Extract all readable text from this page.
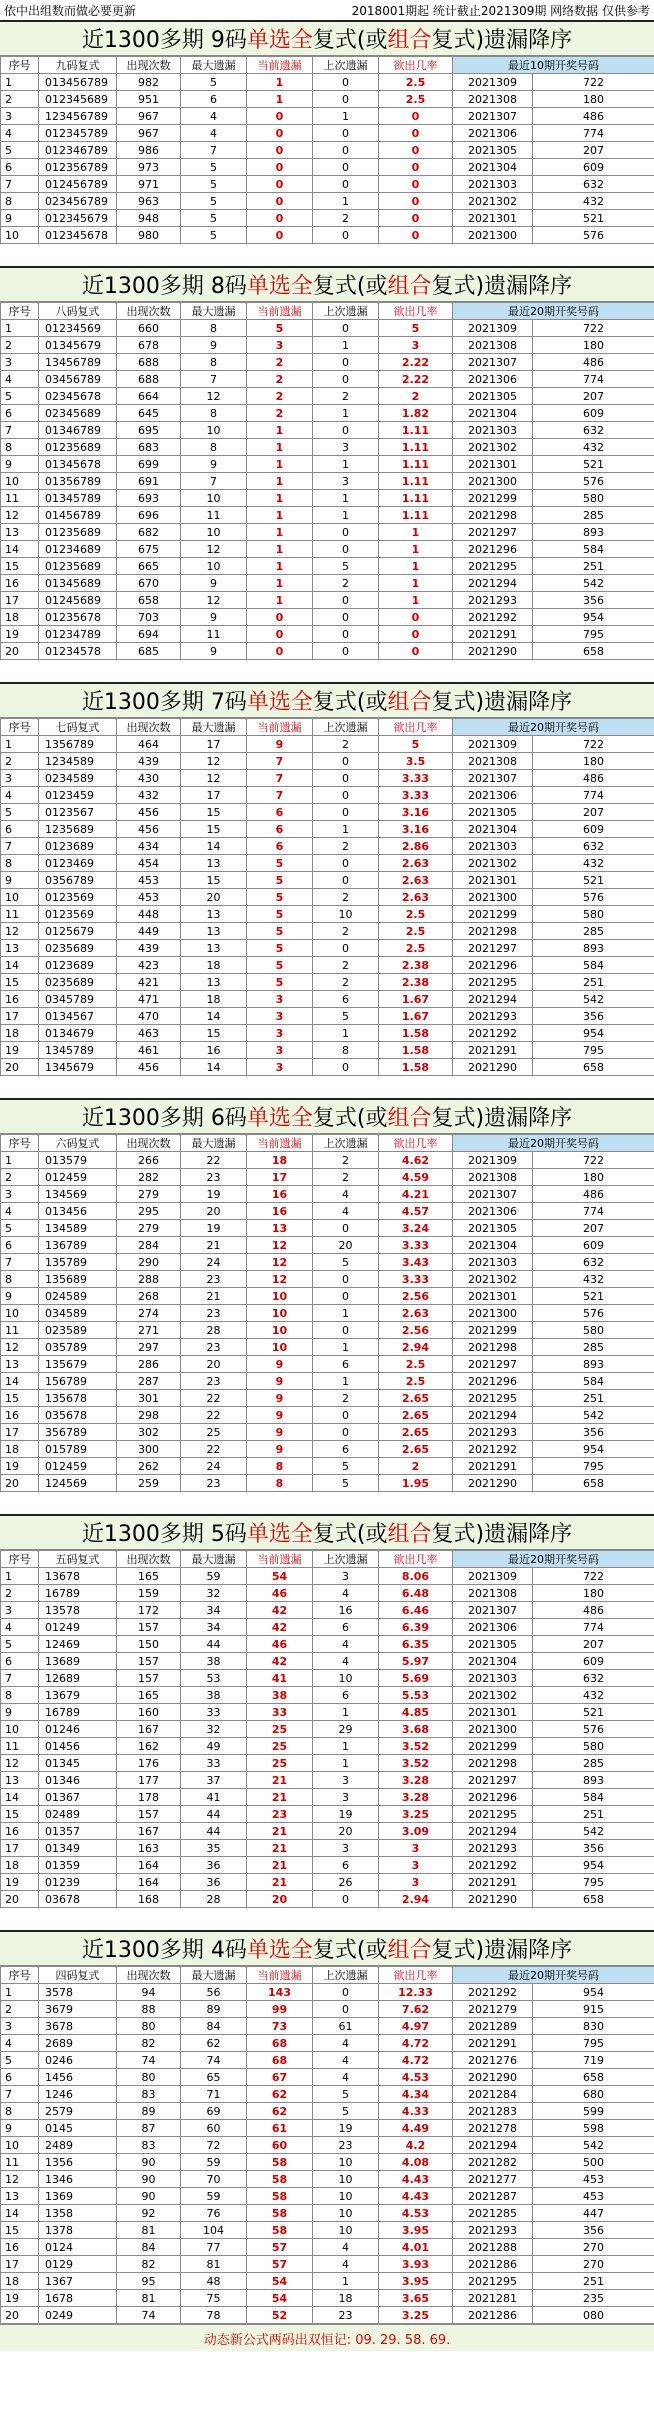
依中出组数而做必要更新	2018001期起 统计截止2021309期 网络数据 仅供参考
近1300多期 9码 单选 全 复式(或 组合 复式)遗漏降序
序号	九码复式	出现次数	最大遗漏	当前遗漏	上次遗漏	欲出几率	最近10期开奖号码	
1	013456789	982	5	1	0	2.5	2021309	722
2	012345689	951	6	1	0	2.5	2021308	180
3	123456789	967	4	0	1	0	2021307	486
4	012345789	967	4	0	0	0	2021306	774
5	012346789	986	7	0	0	0	2021305	207
6	012356789	973	5	0	0	0	2021304	609
7	012456789	971	5	0	0	0	2021303	632
8	023456789	963	5	0	1	0	2021302	432
9	012345679	948	5	0	2	0	2021301	521
10	012345678	980	5	0	0	0	2021300	576
近1300多期 8码 单选 全 复式(或 组合 复式)遗漏降序
序号	八码复式	出现次数	最大遗漏	当前遗漏	上次遗漏	欲出几率	最近20期开奖号码	
1	01234569	660	8	5	0	5	2021309	722
2	01345679	678	9	3	1	3	2021308	180
3	13456789	688	8	2	0	2.22	2021307	486
4	03456789	688	7	2	0	2.22	2021306	774
5	02345678	664	12	2	2	2	2021305	207
6	02345689	645	8	2	1	1.82	2021304	609
7	01346789	695	10	1	0	1.11	2021303	632
8	01235689	683	8	1	3	1.11	2021302	432
9	01345678	699	9	1	1	1.11	2021301	521
10	01356789	691	7	1	3	1.11	2021300	576
11	01345789	693	10	1	1	1.11	2021299	580
12	01456789	696	11	1	1	1.11	2021298	285
13	01235689	682	10	1	0	1	2021297	893
14	01234689	675	12	1	0	1	2021296	584
15	01235689	665	10	1	5	1	2021295	251
16	01345689	670	9	1	2	1	2021294	542
17	01245689	658	12	1	0	1	2021293	356
18	01235678	703	9	0	0	0	2021292	954
19	01234789	694	11	0	0	0	2021291	795
20	01234578	685	9	0	0	0	2021290	658
近1300多期 7码 单选 全 复式(或 组合 复式)遗漏降序
序号	七码复式	出现次数	最大遗漏	当前遗漏	上次遗漏	欲出几率	最近20期开奖号码	
1	1356789	464	17	9	2	5	2021309	722
2	1234589	439	12	7	0	3.5	2021308	180
3	0234589	430	12	7	0	3.33	2021307	486
4	0123459	432	17	7	0	3.33	2021306	774
5	0123567	456	15	6	0	3.16	2021305	207
6	1235689	456	15	6	1	3.16	2021304	609
7	0123689	434	14	6	2	2.86	2021303	632
8	0123469	454	13	5	0	2.63	2021302	432
9	0356789	453	15	5	0	2.63	2021301	521
10	0123569	453	20	5	2	2.63	2021300	576
11	0123569	448	13	5	10	2.5	2021299	580
12	0125679	449	13	5	2	2.5	2021298	285
13	0235689	439	13	5	0	2.5	2021297	893
14	0123689	423	18	5	2	2.38	2021296	584
15	0235689	421	13	5	2	2.38	2021295	251
16	0345789	471	18	3	6	1.67	2021294	542
17	0134567	470	14	3	5	1.67	2021293	356
18	0134679	463	15	3	1	1.58	2021292	954
19	1345789	461	16	3	8	1.58	2021291	795
20	1345679	456	14	3	0	1.58	2021290	658
近1300多期 6码 单选 全 复式(或 组合 复式)遗漏降序
序号	六码复式	出现次数	最大遗漏	当前遗漏	上次遗漏	欲出几率	最近20期开奖号码	
1	013579	266	22	18	2	4.62	2021309	722
2	012459	282	23	17	2	4.59	2021308	180
3	134569	279	19	16	4	4.21	2021307	486
4	013456	295	20	16	4	4.57	2021306	774
5	134589	279	19	13	0	3.24	2021305	207
6	136789	284	21	12	20	3.33	2021304	609
7	135789	290	24	12	5	3.43	2021303	632
8	135689	288	23	12	0	3.33	2021302	432
9	024589	268	21	10	0	2.56	2021301	521
10	034589	274	23	10	1	2.63	2021300	576
11	023589	271	28	10	0	2.56	2021299	580
12	035789	297	23	10	1	2.94	2021298	285
13	135679	286	20	9	6	2.5	2021297	893
14	156789	287	23	9	1	2.5	2021296	584
15	135678	301	22	9	2	2.65	2021295	251
16	035678	298	22	9	0	2.65	2021294	542
17	356789	302	25	9	0	2.65	2021293	356
18	015789	300	22	9	6	2.65	2021292	954
19	012459	262	24	8	5	2	2021291	795
20	124569	259	23	8	5	1.95	2021290	658
近1300多期 5码 单选 全 复式(或 组合 复式)遗漏降序
序号	五码复式	出现次数	最大遗漏	当前遗漏	上次遗漏	欲出几率	最近20期开奖号码	
1	13678	165	59	54	3	8.06	2021309	722
2	16789	159	32	46	4	6.48	2021308	180
3	13578	172	34	42	16	6.46	2021307	486
4	01249	157	34	42	6	6.39	2021306	774
5	12469	150	44	46	4	6.35	2021305	207
6	13689	157	38	42	4	5.97	2021304	609
7	12689	157	53	41	10	5.69	2021303	632
8	13679	165	38	38	6	5.53	2021302	432
9	16789	160	33	33	1	4.85	2021301	521
10	01246	167	32	25	29	3.68	2021300	576
11	01456	162	49	25	1	3.52	2021299	580
12	01345	176	33	25	1	3.52	2021298	285
13	01346	177	37	21	3	3.28	2021297	893
14	01367	178	41	21	3	3.28	2021296	584
15	02489	157	44	23	19	3.25	2021295	251
16	01357	167	44	21	20	3.09	2021294	542
17	01349	163	35	21	3	3	2021293	356
18	01359	164	36	21	6	3	2021292	954
19	01239	164	36	21	26	3	2021291	795
20	03678	168	28	20	0	2.94	2021290	658
近1300多期 4码 单选 全 复式(或 组合 复式)遗漏降序
序号	四码复式	出现次数	最大遗漏	当前遗漏	上次遗漏	欲出几率	最近20期开奖号码	
1	3578	94	56	143	0	12.33	2021292	954
2	3679	88	89	99	0	7.62	2021279	915
3	3678	80	84	73	61	4.97	2021289	830
4	2689	82	62	68	4	4.72	2021291	795
5	0246	74	74	68	4	4.72	2021276	719
6	1456	80	65	67	4	4.53	2021290	658
7	1246	83	71	62	5	4.34	2021284	680
8	2579	89	69	62	5	4.33	2021283	599
9	0145	87	60	61	19	4.49	2021278	598
10	2489	83	72	60	23	4.2	2021294	542
11	1356	90	59	58	10	4.08	2021282	500
12	1346	90	70	58	10	4.43	2021277	453
13	1369	90	59	58	10	4.43	2021287	453
14	1358	92	76	58	10	4.53	2021285	447
15	1378	81	104	58	10	3.95	2021293	356
16	0124	84	77	57	4	4.01	2021288	270
17	0129	82	81	57	4	3.93	2021286	270
18	1367	95	48	54	1	3.95	2021295	251
19	1678	81	75	54	18	3.65	2021281	235
20	0249	74	78	52	23	3.25	2021286	080
动态新公式两码出双恒记: 09. 29. 58. 69.
